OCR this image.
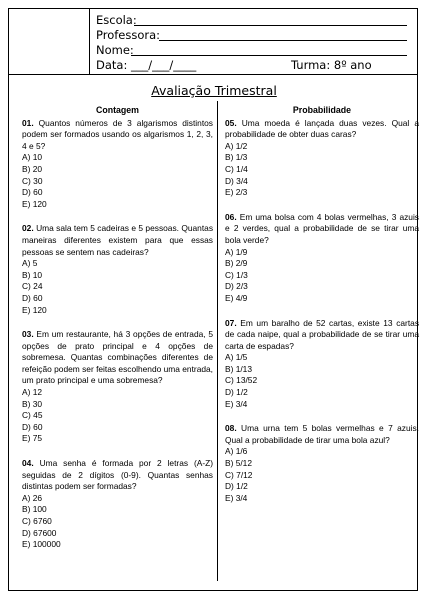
Escola:
Professora:
Nome:
Data: ___/___/____	Turma: 8º ano
Avaliação Trimestral
Contagem
01. Quantos números de 3 algarismos distintos podem ser formados usando os algarismos 1, 2, 3, 4 e 5?
A) 10
B) 20
C) 30
D) 60
E) 120
02. Uma sala tem 5 cadeiras e 5 pessoas. Quantas maneiras diferentes existem para que essas pessoas se sentem nas cadeiras?
A) 5
B) 10
C) 24
D) 60
E) 120
03. Em um restaurante, há 3 opções de entrada, 5 opções de prato principal e 4 opções de sobremesa. Quantas combinações diferentes de refeição podem ser feitas escolhendo uma entrada, um prato principal e uma sobremesa?
A) 12
B) 30
C) 45
D) 60
E) 75
04. Uma senha é formada por 2 letras (A-Z) seguidas de 2 dígitos (0-9). Quantas senhas distintas podem ser formadas?
A) 26
B) 100
C) 6760
D) 67600
E) 100000
Probabilidade
05. Uma moeda é lançada duas vezes. Qual a probabilidade de obter duas caras?
A) 1/2
B) 1/3
C) 1/4
D) 3/4
E) 2/3
06. Em uma bolsa com 4 bolas vermelhas, 3 azuis e 2 verdes, qual a probabilidade de se tirar uma bola verde?
A) 1/9
B) 2/9
C) 1/3
D) 2/3
E) 4/9
07. Em um baralho de 52 cartas, existe 13 cartas de cada naipe, qual a probabilidade de se tirar uma carta de espadas?
A) 1/5
B) 1/13
C) 13/52
D) 1/2
E) 3/4
08. Uma urna tem 5 bolas vermelhas e 7 azuis. Qual a probabilidade de tirar uma bola azul?
A) 1/6
B) 5/12
C) 7/12
D) 1/2
E) 3/4
